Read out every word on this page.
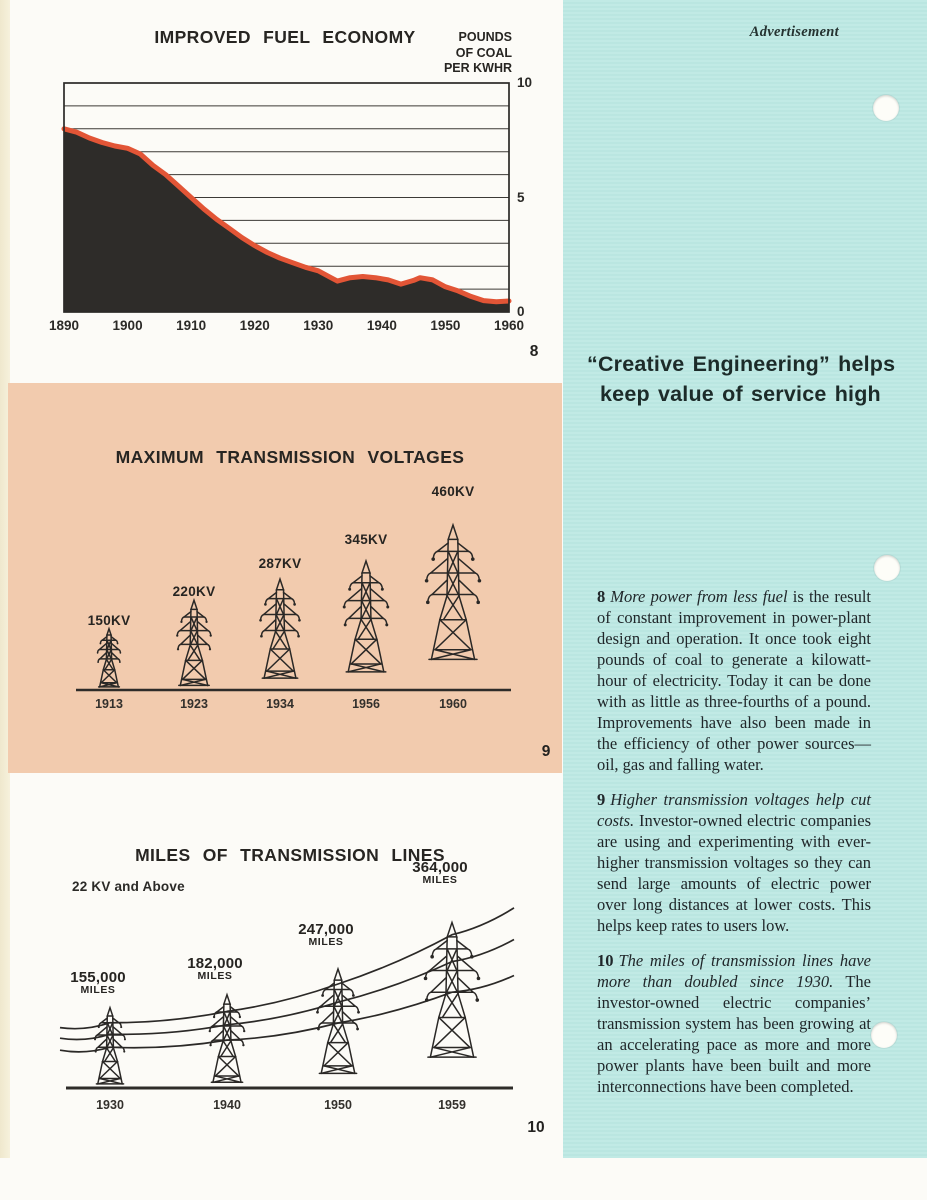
IMPROVED FUEL ECONOMY	POUNDS
OF COAL
PER KWHR
1890 1900 1910 1920 1930 1940 1950 1960
10
5
0
8
MAXIMUM TRANSMISSION VOLTAGES
9
MILES OF TRANSMISSION LINES
22 KV and Above
10
Advertisement
“Creative Engineering” helps
keep value of service high

8 More power from less fuel is the result of constant improvement in power-plant design and operation. It once took eight pounds of coal to generate a kilowatt-hour of electricity. Today it can be done with as little as three-fourths of a pound. Improvements have also been made in the efficiency of other power sources—oil, gas and falling water.

9 Higher transmission voltages help cut costs. Investor-owned electric companies are using and experimenting with ever-higher transmission voltages so they can send large amounts of electric power over long distances at lower costs. This helps keep rates to users low.

10 The miles of transmission lines have more than doubled since 1930. The investor-owned electric companies’ transmission system has been growing at an accelerating pace as more and more power plants have been built and more interconnections have been completed.

150KV
1913
220KV
1923
287KV
1934
345KV
1956
460KV
1960
155,000
MILES
1930
182,000
MILES
1940
247,000
MILES
1950
364,000
MILES
1959
